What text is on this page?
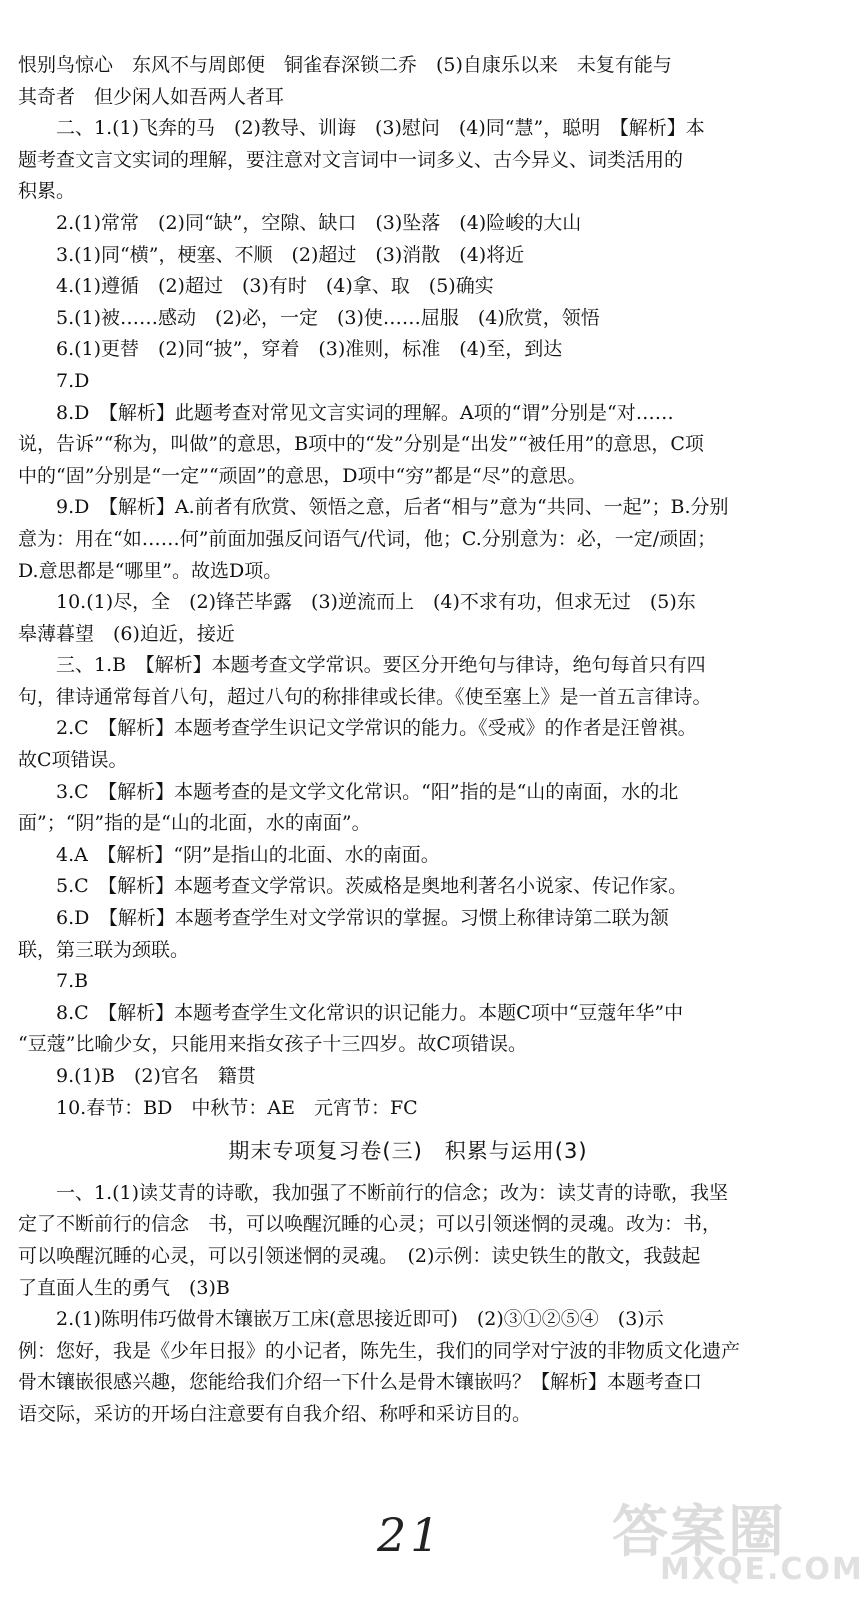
恨别鸟惊心　东风不与周郎便　铜雀春深锁二乔　(5)自康乐以来　未复有能与
其奇者　但少闲人如吾两人者耳
二、1.(1)飞奔的马　(2)教导、训诲　(3)慰问　(4)同“慧”，聪明　【解析】本
题考查文言文实词的理解，要注意对文言词中一词多义、古今异义、词类活用的
积累。
2.(1)常常　(2)同“缺”，空隙、缺口　(3)坠落　(4)险峻的大山
3.(1)同“横”，梗塞、不顺　(2)超过　(3)消散　(4)将近
4.(1)遵循　(2)超过　(3)有时　(4)拿、取　(5)确实
5.(1)被……感动　(2)必，一定　(3)使……屈服　(4)欣赏，领悟
6.(1)更替　(2)同“披”，穿着　(3)准则，标准　(4)至，到达
7.D
8.D　【解析】此题考查对常见文言实词的理解。A项的“谓”分别是“对……
说，告诉”“称为，叫做”的意思，B项中的“发”分别是“出发”“被任用”的意思，C项
中的“固”分别是“一定”“顽固”的意思，D项中“穷”都是“尽”的意思。
9.D　【解析】A.前者有欣赏、领悟之意，后者“相与”意为“共同、一起”；B.分别
意为：用在“如……何”前面加强反问语气/代词，他；C.分别意为：必，一定/顽固；
D.意思都是“哪里”。故选D项。
10.(1)尽，全　(2)锋芒毕露　(3)逆流而上　(4)不求有功，但求无过　(5)东
皋薄暮望　(6)迫近，接近
三、1.B　【解析】本题考查文学常识。要区分开绝句与律诗，绝句每首只有四
句，律诗通常每首八句，超过八句的称排律或长律。《使至塞上》是一首五言律诗。
2.C　【解析】本题考查学生识记文学常识的能力。《受戒》的作者是汪曾祺。
故C项错误。
3.C　【解析】本题考查的是文学文化常识。“阳”指的是“山的南面，水的北
面”；“阴”指的是“山的北面，水的南面”。
4.A　【解析】“阴”是指山的北面、水的南面。
5.C　【解析】本题考查文学常识。茨威格是奥地利著名小说家、传记作家。
6.D　【解析】本题考查学生对文学常识的掌握。习惯上称律诗第二联为颔
联，第三联为颈联。
7.B
8.C　【解析】本题考查学生文化常识的识记能力。本题C项中“豆蔻年华”中
“豆蔻”比喻少女，只能用来指女孩子十三四岁。故C项错误。
9.(1)B　(2)官名　籍贯
10.春节：BD　中秋节：AE　元宵节：FC
期末专项复习卷(三)　积累与运用(3)
一、1.(1)读艾青的诗歌，我加强了不断前行的信念；改为：读艾青的诗歌，我坚
定了不断前行的信念　书，可以唤醒沉睡的心灵；可以引领迷惘的灵魂。改为：书，
可以唤醒沉睡的心灵，可以引领迷惘的灵魂。　(2)示例：读史铁生的散文，我鼓起
了直面人生的勇气　(3)B
2.(1)陈明伟巧做骨木镶嵌万工床(意思接近即可)　(2)③①②⑤④　(3)示
例：您好，我是《少年日报》的小记者，陈先生，我们的同学对宁波的非物质文化遗产
骨木镶嵌很感兴趣，您能给我们介绍一下什么是骨木镶嵌吗？【解析】本题考查口
语交际，采访的开场白注意要有自我介绍、称呼和采访目的。
21	答案圈
MXQE.COM
